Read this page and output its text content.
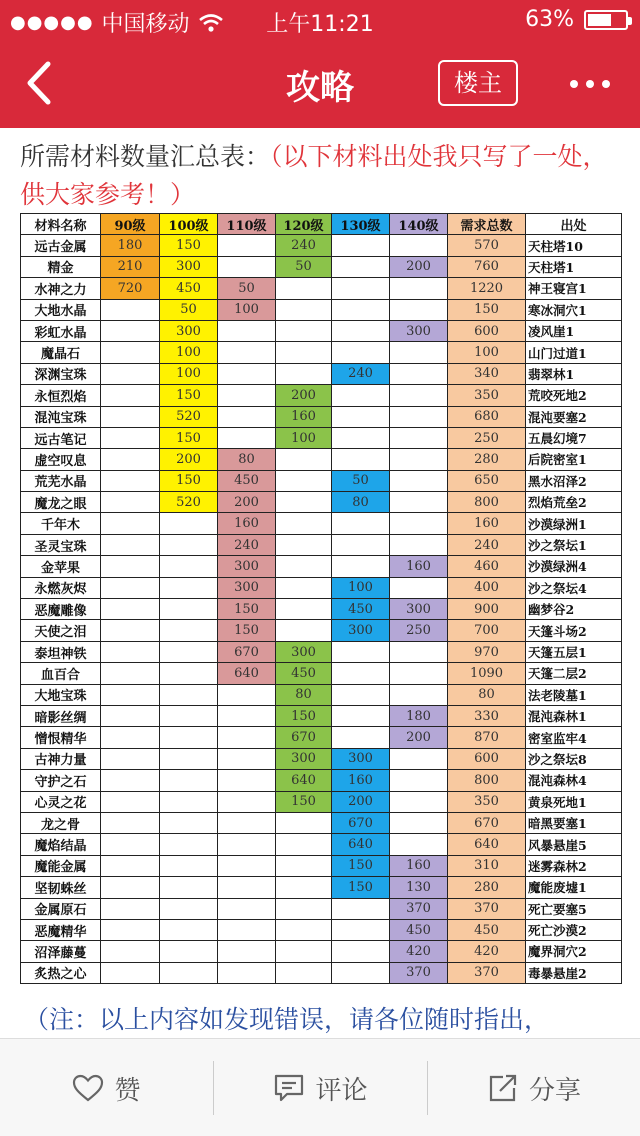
●●●●● 中国移动	上午11:21	63%
攻略	楼主
所需材料数量汇总表：（以下材料出处我只写了一处，供大家参考！）
材料名称	90级	100级	110级	120级	130级	140级	需求总数	出处
远古金属	180	150		240			570	天柱塔10
精金	210	300		50		200	760	天柱塔1
水神之力	720	450	50				1220	神王寝宫1
大地水晶		50	100				150	寒冰洞穴1
彩虹水晶		300				300	600	凌风崖1
魔晶石		100					100	山门过道1
深渊宝珠		100			240		340	翡翠林1
永恒烈焰		150		200			350	荒咬死地2
混沌宝珠		520		160			680	混沌要塞2
远古笔记		150		100			250	五晨幻境7
虚空叹息		200	80				280	后院密室1
荒芜水晶		150	450		50		650	黑水沼泽2
魔龙之眼		520	200		80		800	烈焰荒垒2
千年木			160				160	沙漠绿洲1
圣灵宝珠			240				240	沙之祭坛1
金苹果			300			160	460	沙漠绿洲4
永燃灰烬			300		100		400	沙之祭坛4
恶魔雕像			150		450	300	900	幽梦谷2
天使之泪			150		300	250	700	天篷斗场2
泰坦神铁			670	300			970	天篷五层1
血百合			640	450			1090	天篷二层2
大地宝珠				80			80	法老陵墓1
暗影丝绸				150		180	330	混沌森林1
憎恨精华				670		200	870	密室监牢4
古神力量				300	300		600	沙之祭坛8
守护之石				640	160		800	混沌森林4
心灵之花				150	200		350	黄泉死地1
龙之骨					670		670	暗黑要塞1
魔焰结晶					640		640	风暴悬崖5
魔能金属					150	160	310	迷雾森林2
坚韧蛛丝					150	130	280	魔能废墟1
金属原石						370	370	死亡要塞5
恶魔精华						450	450	死亡沙漠2
沼泽藤蔓						420	420	魔界洞穴2
炙热之心						370	370	毒暴悬崖2
（注：以上内容如发现错误，请各位随时指出，
赞	评论	分享
